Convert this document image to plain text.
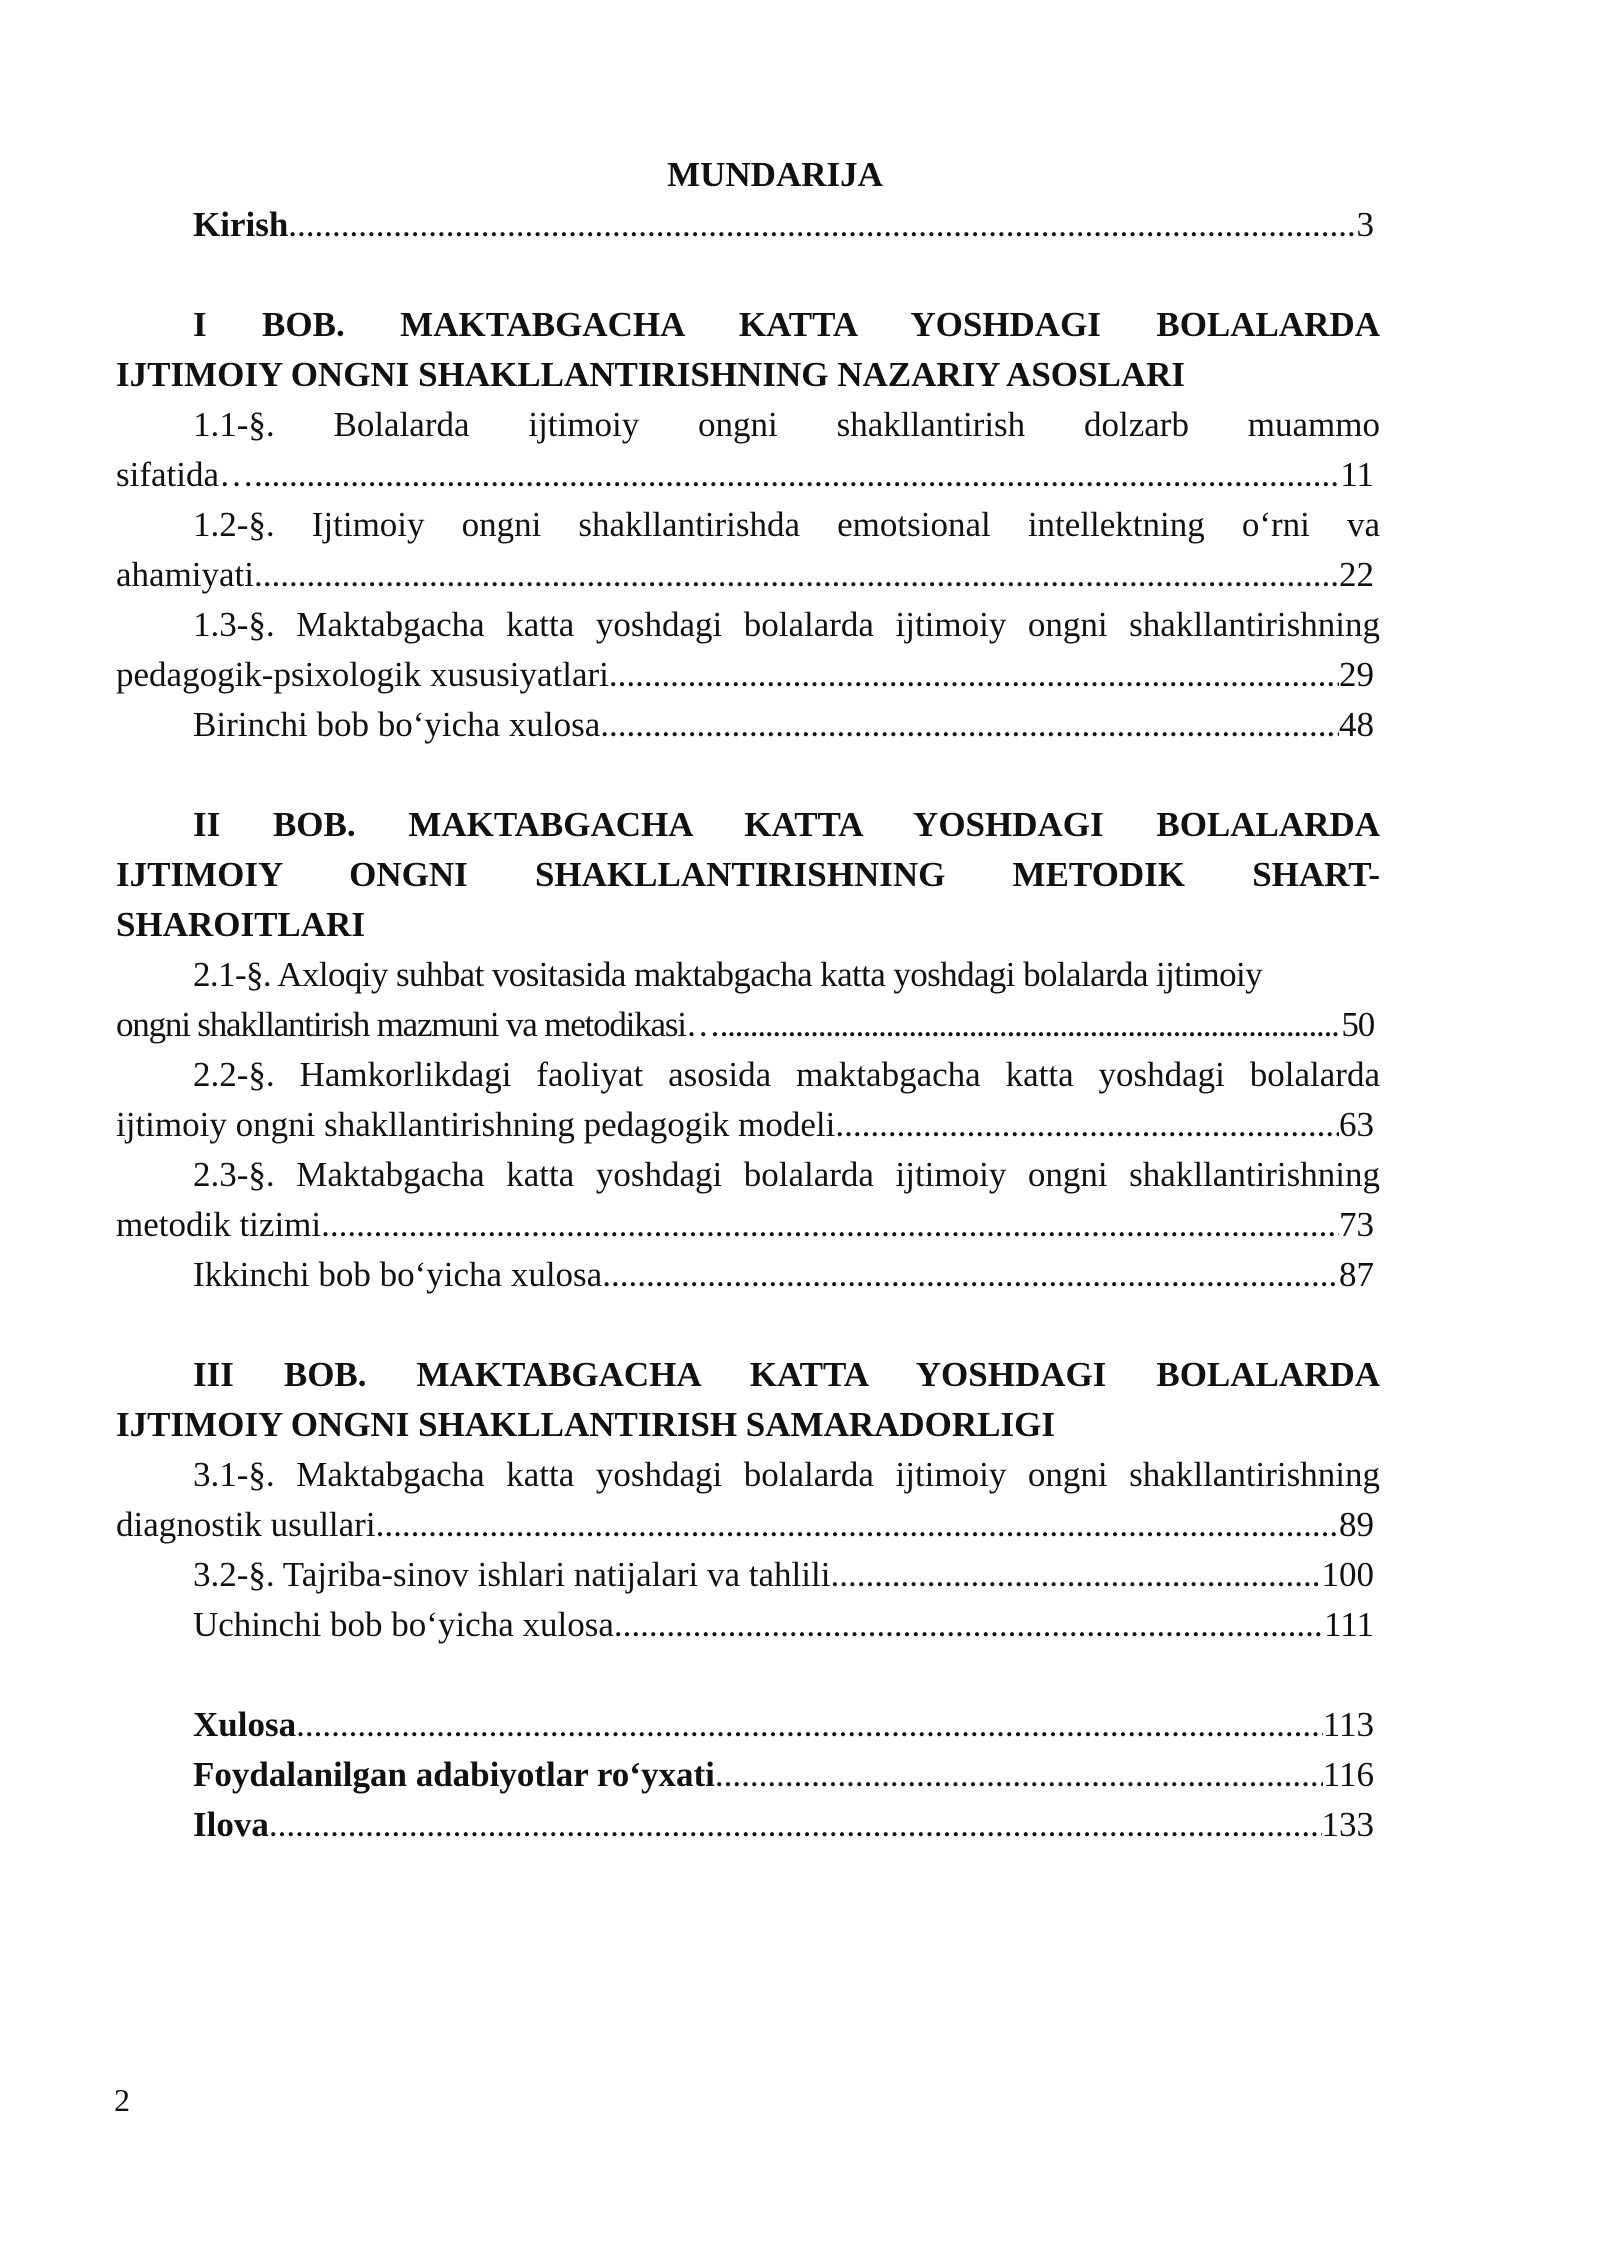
MUNDARIJA
Kirish .....	3
I BOB. MAKTABGACHA KATTA YOSHDAGI BOLALARDA
IJTIMOIY ONGNI SHAKLLANTIRISHNING NAZARIY ASOSLARI
1.1-§. Bolalarda ijtimoiy ongni shakllantirish dolzarb muammo
sifatida… .....	11
1.2-§. Ijtimoiy ongni shakllantirishda emotsional intellektning o‘rni va
ahamiyati .....	22
1.3-§. Maktabgacha katta yoshdagi bolalarda ijtimoiy ongni shakllantirishning
pedagogik-psixologik xususiyatlari .....	29
Birinchi bob bo‘yicha xulosa .....	48
II BOB. MAKTABGACHA KATTA YOSHDAGI BOLALARDA
IJTIMOIY ONGNI SHAKLLANTIRISHNING METODIK SHART-
SHAROITLARI
2.1-§. Axloqiy suhbat vositasida maktabgacha katta yoshdagi bolalarda ijtimoiy
ongni shakllantirish mazmuni va metodikasi… .....	50
2.2-§. Hamkorlikdagi faoliyat asosida maktabgacha katta yoshdagi bolalarda
ijtimoiy ongni shakllantirishning pedagogik modeli .....	63
2.3-§. Maktabgacha katta yoshdagi bolalarda ijtimoiy ongni shakllantirishning
metodik tizimi .....	73
Ikkinchi bob bo‘yicha xulosa .....	87
III BOB. MAKTABGACHA KATTA YOSHDAGI BOLALARDA
IJTIMOIY ONGNI SHAKLLANTIRISH SAMARADORLIGI
3.1-§. Maktabgacha katta yoshdagi bolalarda ijtimoiy ongni shakllantirishning
diagnostik usullari .....	89
3.2-§. Tajriba-sinov ishlari natijalari va tahlili .....	100
Uchinchi bob bo‘yicha xulosa .....	111
Xulosa .....	113
Foydalanilgan adabiyotlar ro‘yxati .....	116
Ilova .....	133
2
